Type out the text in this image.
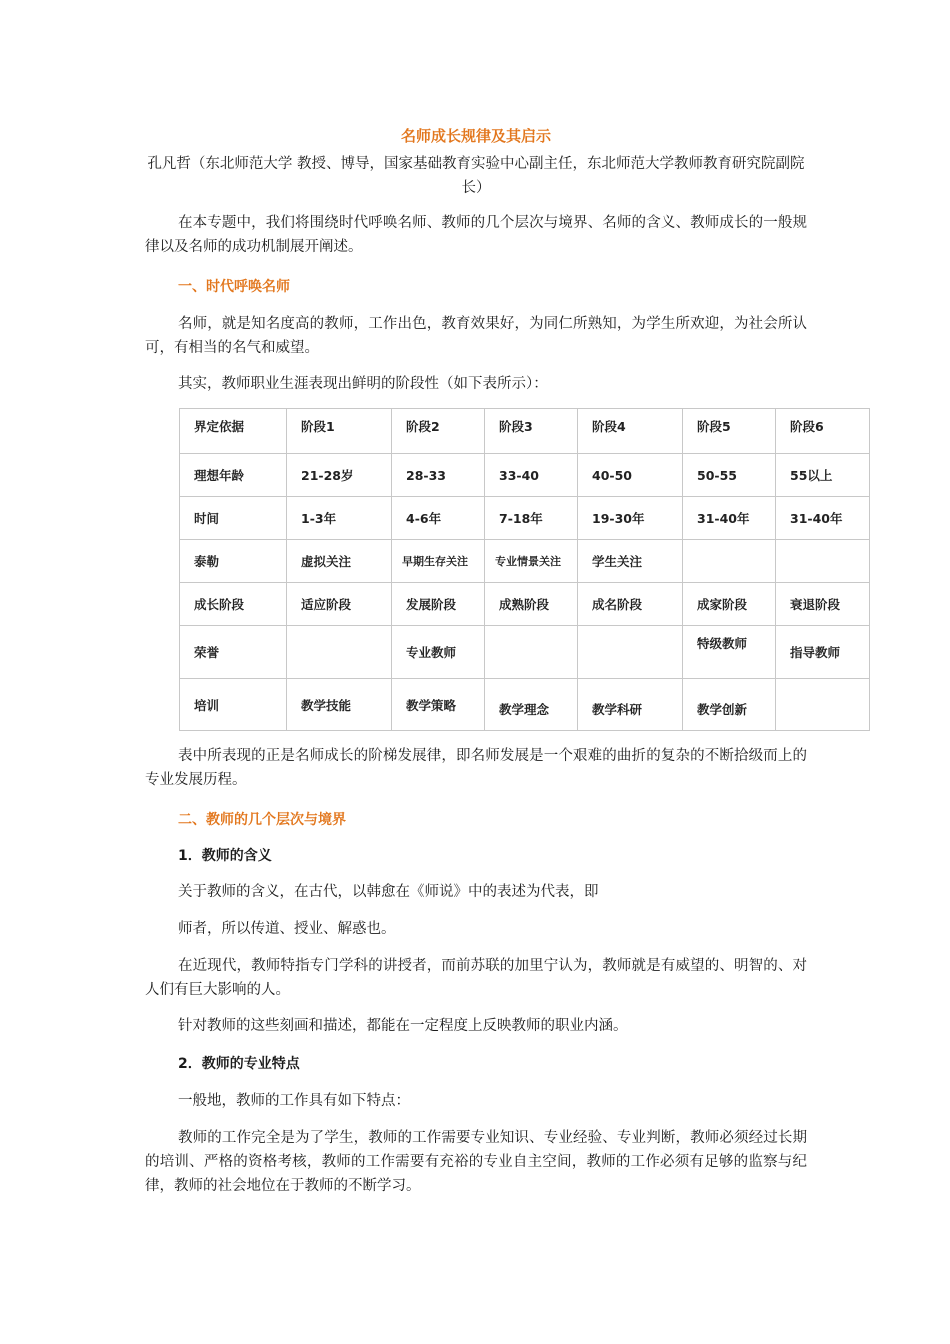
名师成长规律及其启示
孔凡哲（东北师范大学 教授、博导，国家基础教育实验中心副主任，东北师范大学教师教育研究院副院长）
在本专题中，我们将围绕时代呼唤名师、教师的几个层次与境界、名师的含义、教师成长的一般规律以及名师的成功机制展开阐述。
一、时代呼唤名师
名师，就是知名度高的教师，工作出色，教育效果好，为同仁所熟知，为学生所欢迎，为社会所认可，有相当的名气和威望。
其实，教师职业生涯表现出鲜明的阶段性（如下表所示）：
界定依据	阶段1	阶段2	阶段3	阶段4	阶段5	阶段6
理想年龄	21-28岁	28-33	33-40	40-50	50-55	55以上
时间	1-3年	4-6年	7-18年	19-30年	31-40年	31-40年
泰勒	虚拟关注	早期生存关注	专业情景关注	学生关注		
成长阶段	适应阶段	发展阶段	成熟阶段	成名阶段	成家阶段	衰退阶段
荣誉		专业教师			特级教师	指导教师
培训	教学技能	教学策略	教学理念	教学科研	教学创新	
表中所表现的正是名师成长的阶梯发展律，即名师发展是一个艰难的曲折的复杂的不断拾级而上的专业发展历程。
二、教师的几个层次与境界
1．教师的含义
关于教师的含义，在古代，以韩愈在《师说》中的表述为代表，即
师者，所以传道、授业、解惑也。
在近现代，教师特指专门学科的讲授者，而前苏联的加里宁认为，教师就是有威望的、明智的、对人们有巨大影响的人。
针对教师的这些刻画和描述，都能在一定程度上反映教师的职业内涵。
2．教师的专业特点
一般地，教师的工作具有如下特点：
教师的工作完全是为了学生，教师的工作需要专业知识、专业经验、专业判断，教师必须经过长期的培训、严格的资格考核，教师的工作需要有充裕的专业自主空间，教师的工作必须有足够的监察与纪律，教师的社会地位在于教师的不断学习。
